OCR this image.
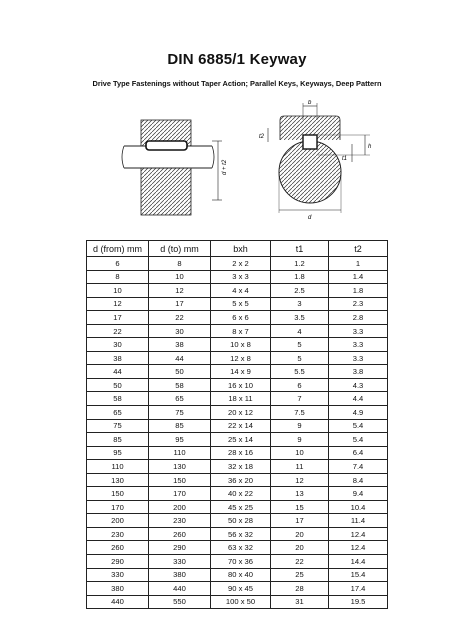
DIN 6885/1 Keyway
Drive Type Fastenings without Taper Action; Parallel Keys, Keyways, Deep Pattern
d + t2
b
t2
h
t1
d
d (from) mm	d (to) mm	bxh	t1	t2
6	8	2 x 2	1.2	1
8	10	3 x 3	1.8	1.4
10	12	4 x 4	2.5	1.8
12	17	5 x 5	3	2.3
17	22	6 x 6	3.5	2.8
22	30	8 x 7	4	3.3
30	38	10 x 8	5	3.3
38	44	12 x 8	5	3.3
44	50	14 x 9	5.5	3.8
50	58	16 x 10	6	4.3
58	65	18 x 11	7	4.4
65	75	20 x 12	7.5	4.9
75	85	22 x 14	9	5.4
85	95	25 x 14	9	5.4
95	110	28 x 16	10	6.4
110	130	32 x 18	11	7.4
130	150	36 x 20	12	8.4
150	170	40 x 22	13	9.4
170	200	45 x 25	15	10.4
200	230	50 x 28	17	11.4
230	260	56 x 32	20	12.4
260	290	63 x 32	20	12.4
290	330	70 x 36	22	14.4
330	380	80 x 40	25	15.4
380	440	90 x 45	28	17.4
440	550	100 x 50	31	19.5
